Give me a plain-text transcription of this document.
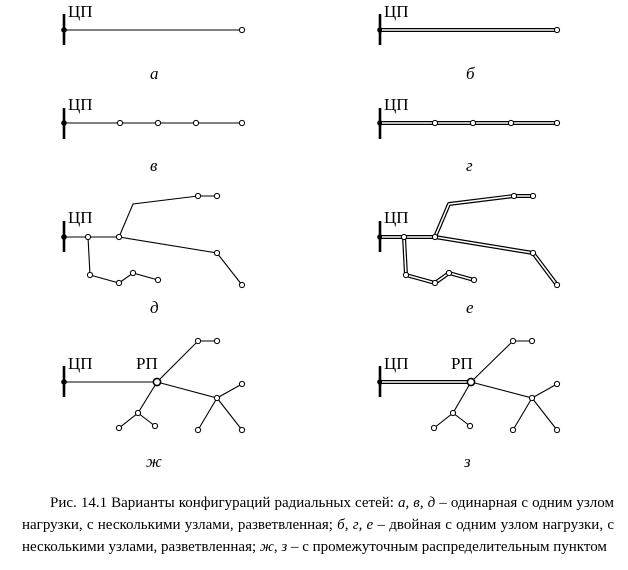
ЦП
а
ЦП
б
ЦП
в
ЦП
г
ЦП
д
ЦП
е
ЦП	РП
ж
ЦП РП
з

Рис. 14.1 Варианты конфигураций радиальных сетей: а, в, д – одинарная с одним узлом нагрузки, с несколькими узлами, разветвленная; б, г, е – двойная с одним узлом нагрузки, с несколькими узлами, разветвленная; ж, з – с промежуточным распределительным пунктом
